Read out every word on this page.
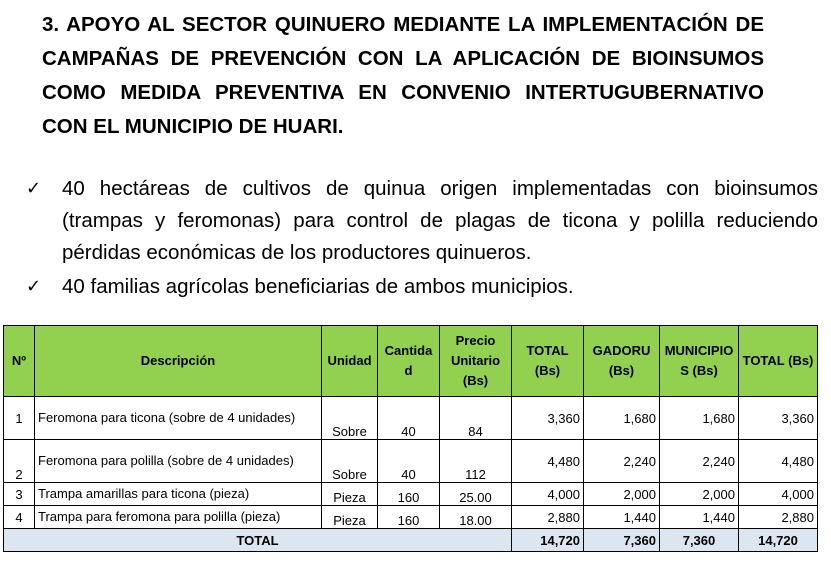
3. APOYO AL SECTOR QUINUERO MEDIANTE LA IMPLEMENTACIÓN DE CAMPAÑAS DE PREVENCIÓN CON LA APLICACIÓN DE BIOINSUMOS COMO MEDIDA PREVENTIVA EN CONVENIO INTERTUGUBERNATIVO CON EL MUNICIPIO DE HUARI.
✓ 40 hectáreas de cultivos de quinua origen implementadas con bioinsumos (trampas y feromonas) para control de plagas de ticona y polilla reduciendo pérdidas económicas de los productores quinueros.
✓ 40 familias agrícolas beneficiarias de ambos municipios.
Nº	Descripción	Unidad	Cantidad	Precio Unitario (Bs)	TOTAL (Bs)	GADORU (Bs)	MUNICIPIOS (Bs)	TOTAL (Bs)
1	Feromona para ticona (sobre de 4 unidades)	Sobre	40	84	3,360	1,680	1,680	3,360
2	Feromona para polilla (sobre de 4 unidades)	Sobre	40	112	4,480	2,240	2,240	4,480
3	Trampa amarillas para ticona (pieza)	Pieza	160	25.00	4,000	2,000	2,000	4,000
4	Trampa para feromona para polilla (pieza)	Pieza	160	18.00	2,880	1,440	1,440	2,880
TOTAL					14,720	7,360	7,360	14,720
